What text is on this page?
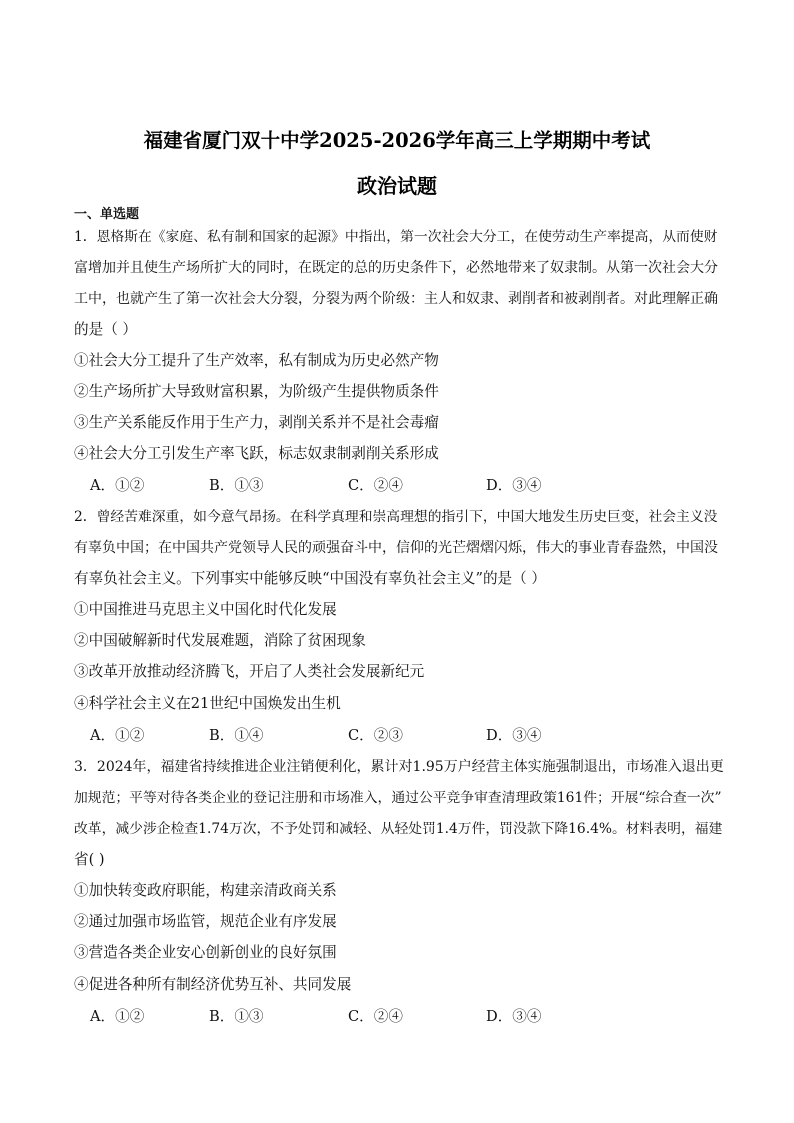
福建省厦门双十中学2025-2026学年高三上学期期中考试
政治试题
一、单选题
1．恩格斯在《家庭、私有制和国家的起源》中指出，第一次社会大分工，在使劳动生产率提高，从而使财
富增加并且使生产场所扩大的同时，在既定的总的历史条件下，必然地带来了奴隶制。从第一次社会大分
工中，也就产生了第一次社会大分裂，分裂为两个阶级：主人和奴隶、剥削者和被剥削者。对此理解正确
的是（ ）
①社会大分工提升了生产效率，私有制成为历史必然产物
②生产场所扩大导致财富积累，为阶级产生提供物质条件
③生产关系能反作用于生产力，剥削关系并不是社会毒瘤
④社会大分工引发生产率飞跃，标志奴隶制剥削关系形成
A．①②	B．①③	C．②④	D．③④
2．曾经苦难深重，如今意气昂扬。在科学真理和崇高理想的指引下，中国大地发生历史巨变，社会主义没
有辜负中国；在中国共产党领导人民的顽强奋斗中，信仰的光芒熠熠闪烁，伟大的事业青春盎然，中国没
有辜负社会主义。下列事实中能够反映“中国没有辜负社会主义”的是（ ）
①中国推进马克思主义中国化时代化发展
②中国破解新时代发展难题，消除了贫困现象
③改革开放推动经济腾飞，开启了人类社会发展新纪元
④科学社会主义在21世纪中国焕发出生机
A．①②	B．①④	C．②③	D．③④
3．2024年，福建省持续推进企业注销便利化，累计对1.95万户经营主体实施强制退出，市场准入退出更
加规范；平等对待各类企业的登记注册和市场准入，通过公平竞争审查清理政策161件；开展“综合查一次”
改革，减少涉企检查1.74万次，不予处罚和减轻、从轻处罚1.4万件，罚没款下降16.4%。材料表明，福建
省( )
①加快转变政府职能，构建亲清政商关系
②通过加强市场监管，规范企业有序发展
③营造各类企业安心创新创业的良好氛围
④促进各种所有制经济优势互补、共同发展
A．①②	B．①③	C．②④	D．③④
